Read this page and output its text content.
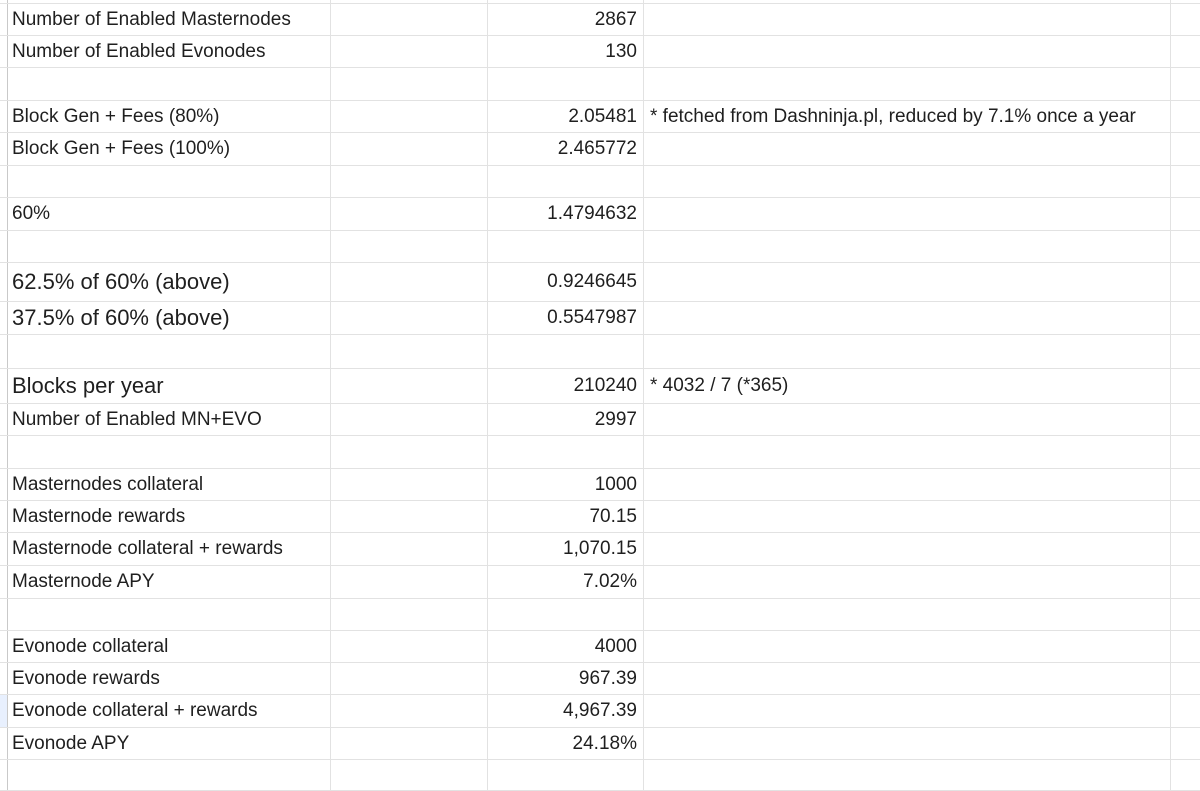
Number of Enabled Masternodes	2867
Number of Enabled Evonodes	130
Block Gen + Fees (80%)	2.05481 * fetched from Dashninja.pl, reduced by 7.1% once a year
Block Gen + Fees (100%)	2.465772
60%	1.4794632
62.5% of 60% (above)	0.9246645
37.5% of 60% (above)	0.5547987
Blocks per year	210240 * 4032 / 7 (*365)
Number of Enabled MN+EVO	2997
Masternodes collateral	1000
Masternode rewards	70.15
Masternode collateral + rewards	1,070.15
Masternode APY	7.02%
Evonode collateral	4000
Evonode rewards	967.39
Evonode collateral + rewards	4,967.39
Evonode APY	24.18%
